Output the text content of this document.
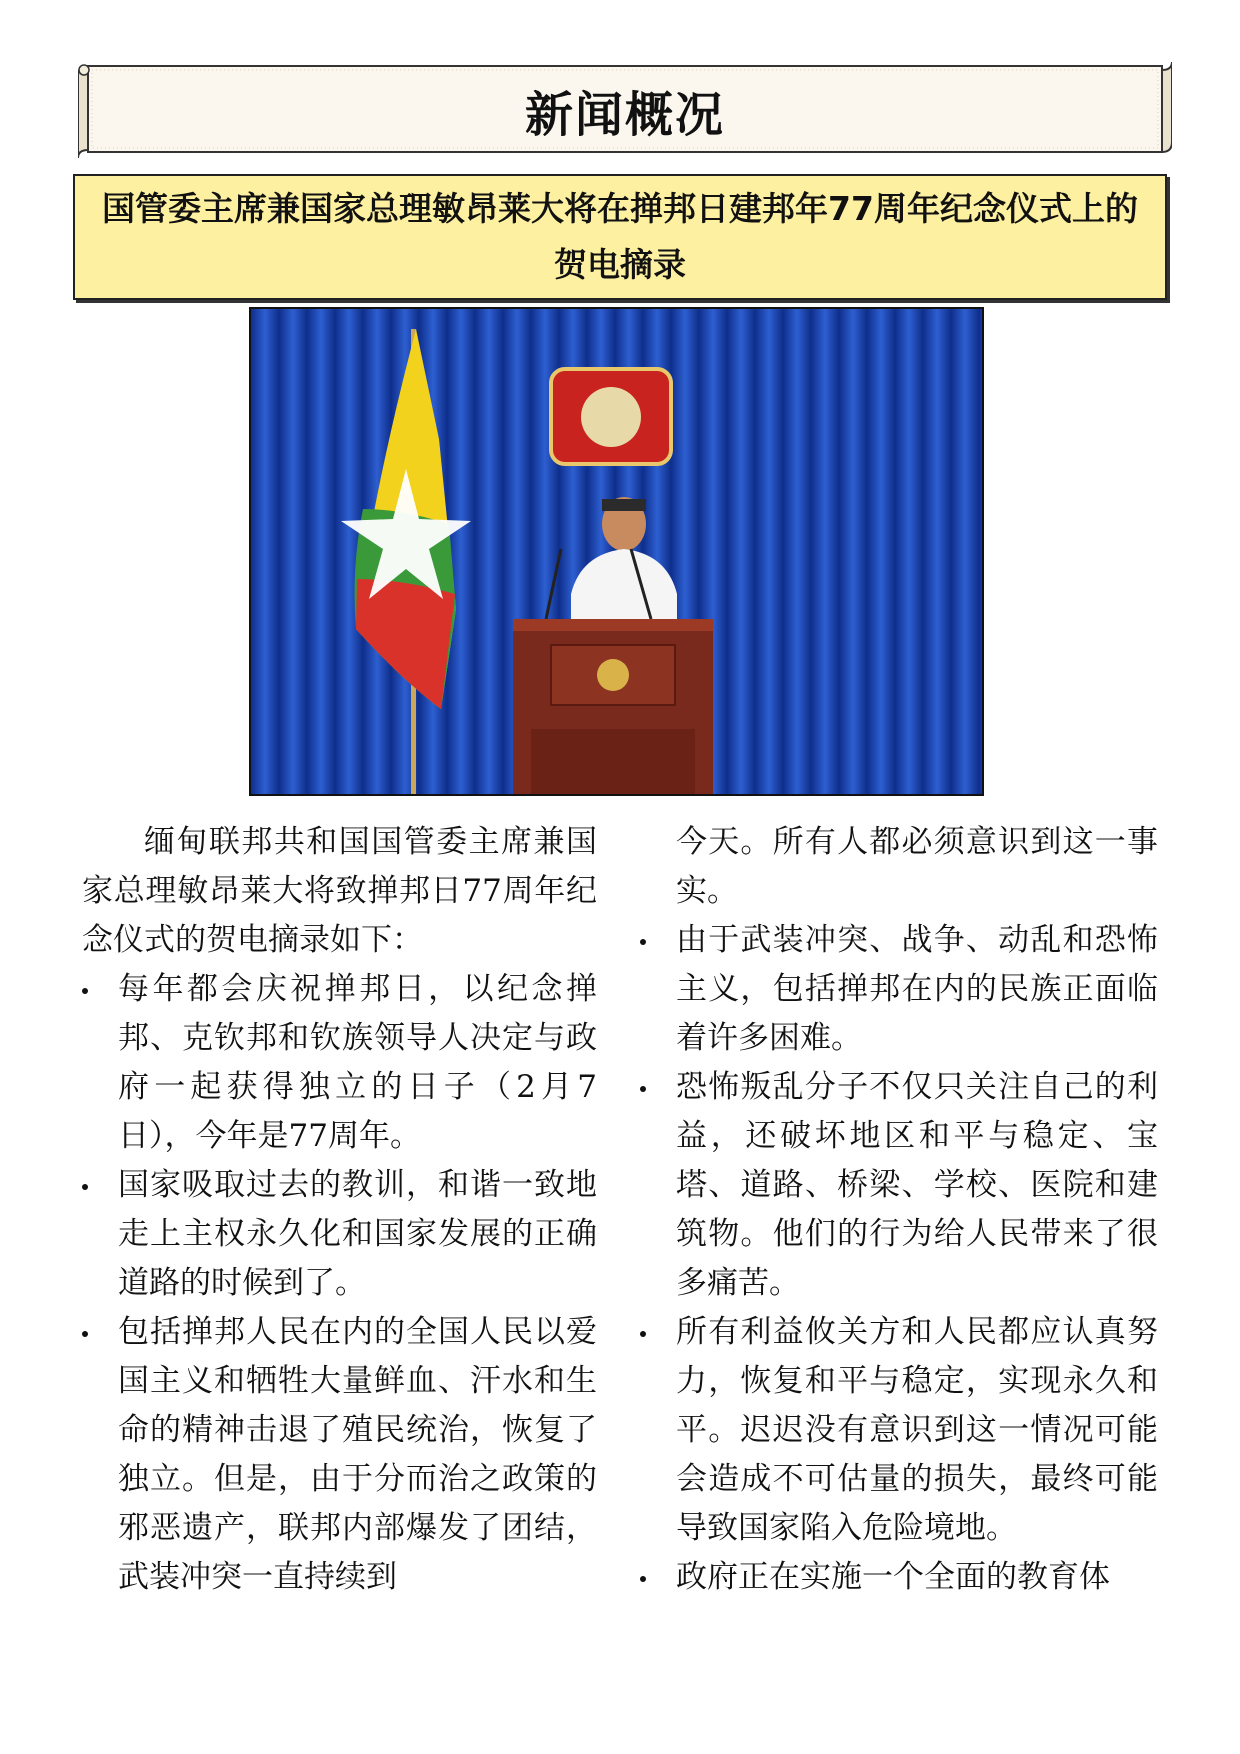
新闻概况
国管委主席兼国家总理敏昂莱大将在掸邦日建邦年77周年纪念仪式上的贺电摘录

缅甸联邦共和国国管委主席兼国家总理敏昂莱大将致掸邦日77周年纪念仪式的贺电摘录如下：

每年都会庆祝掸邦日，以纪念掸邦、克钦邦和钦族领导人决定与政府一起获得独立的日子（2月7日），今年是77周年。
国家吸取过去的教训，和谐一致地走上主权永久化和国家发展的正确道路的时候到了。
包括掸邦人民在内的全国人民以爱国主义和牺牲大量鲜血、汗水和生命的精神击退了殖民统治，恢复了独立。但是，由于分而治之政策的邪恶遗产，联邦内部爆发了团结，武装冲突一直持续到

今天。所有人都必须意识到这一事实。

由于武装冲突、战争、动乱和恐怖主义，包括掸邦在内的民族正面临着许多困难。
恐怖叛乱分子不仅只关注自己的利益，还破坏地区和平与稳定、宝塔、道路、桥梁、学校、医院和建筑物。他们的行为给人民带来了很多痛苦。
所有利益攸关方和人民都应认真努力，恢复和平与稳定，实现永久和平。迟迟没有意识到这一情况可能会造成不可估量的损失，最终可能导致国家陷入危险境地。
政府正在实施一个全面的教育体
